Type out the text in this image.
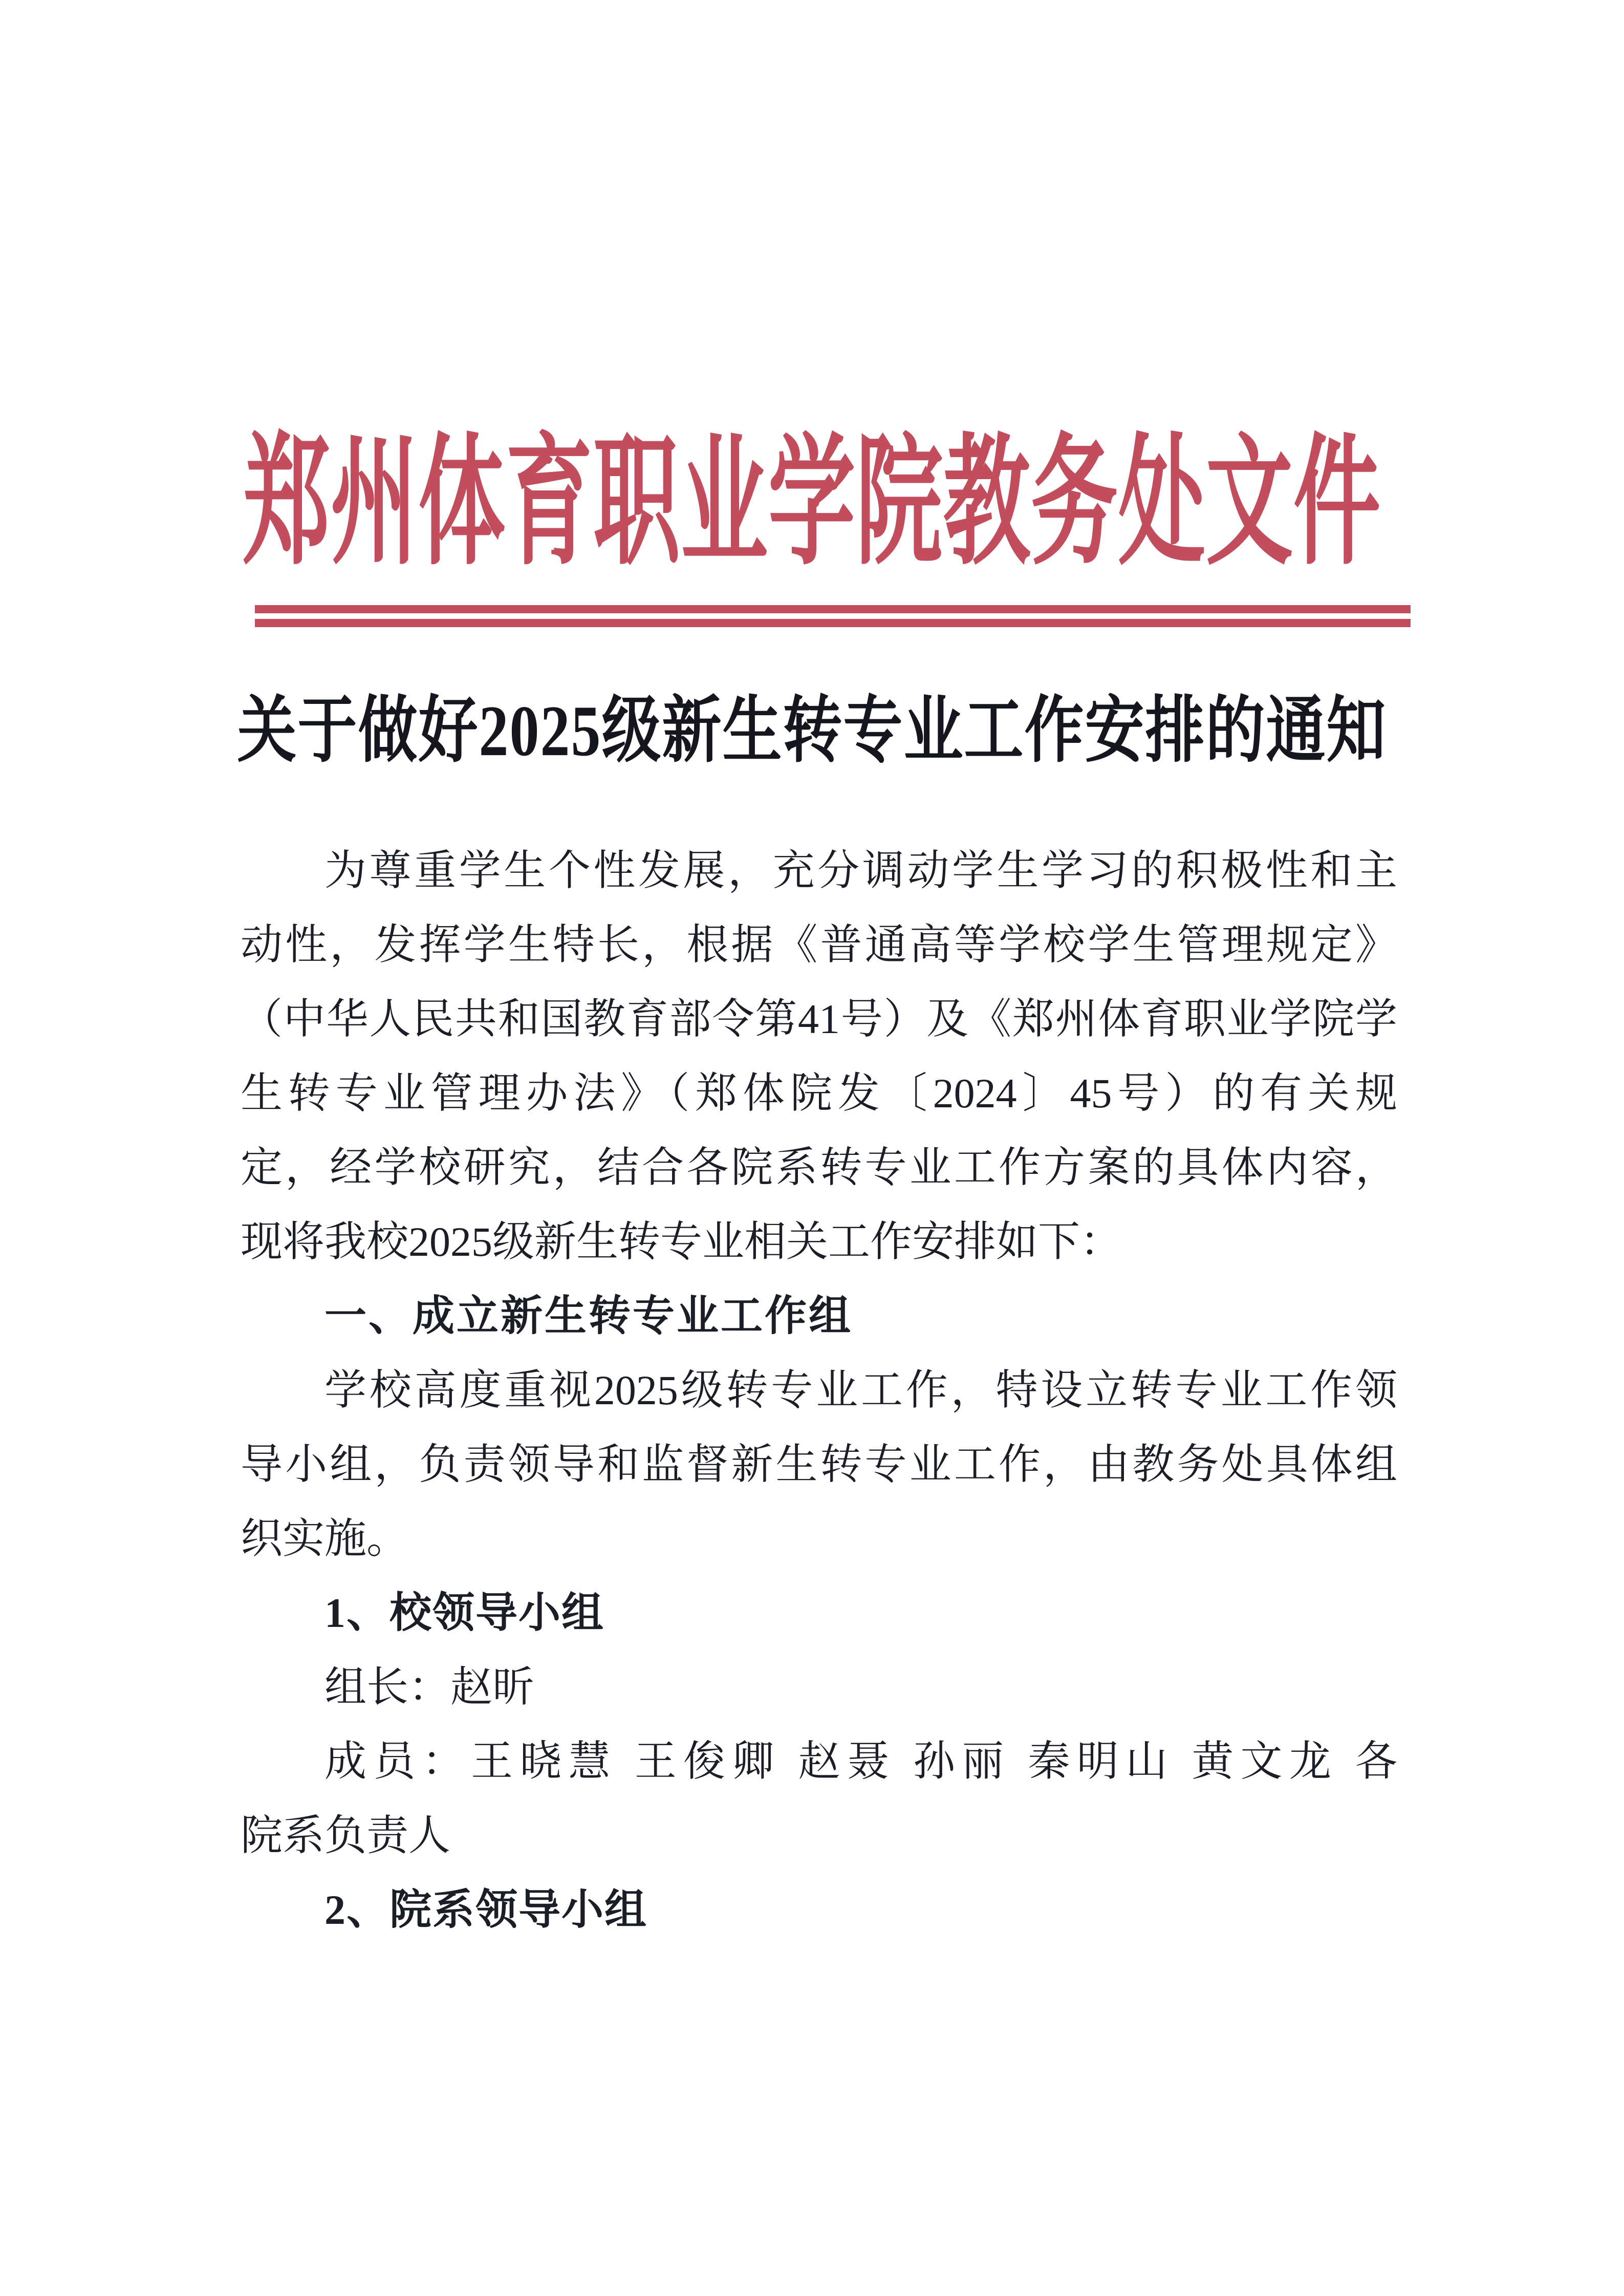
郑州体育职业学院教务处文件
关于做好2025级新生转专业工作安排的通知
为尊重学生个性发展，充分调动学生学习的积极性和主
动性，发挥学生特长，根据《普通高等学校学生管理规定》
（中华人民共和国教育部令第41号）及《郑州体育职业学院学
生转专业管理办法》（郑体院发〔2024〕45号）的有关规
定，经学校研究，结合各院系转专业工作方案的具体内容，
现将我校2025级新生转专业相关工作安排如下：
一、成立新生转专业工作组
学校高度重视2025级转专业工作，特设立转专业工作领
导小组，负责领导和监督新生转专业工作，由教务处具体组
织实施。
1、校领导小组
组长：赵昕
成员：王晓慧 王俊卿 赵聂 孙丽 秦明山 黄文龙 各
院系负责人
2、院系领导小组
